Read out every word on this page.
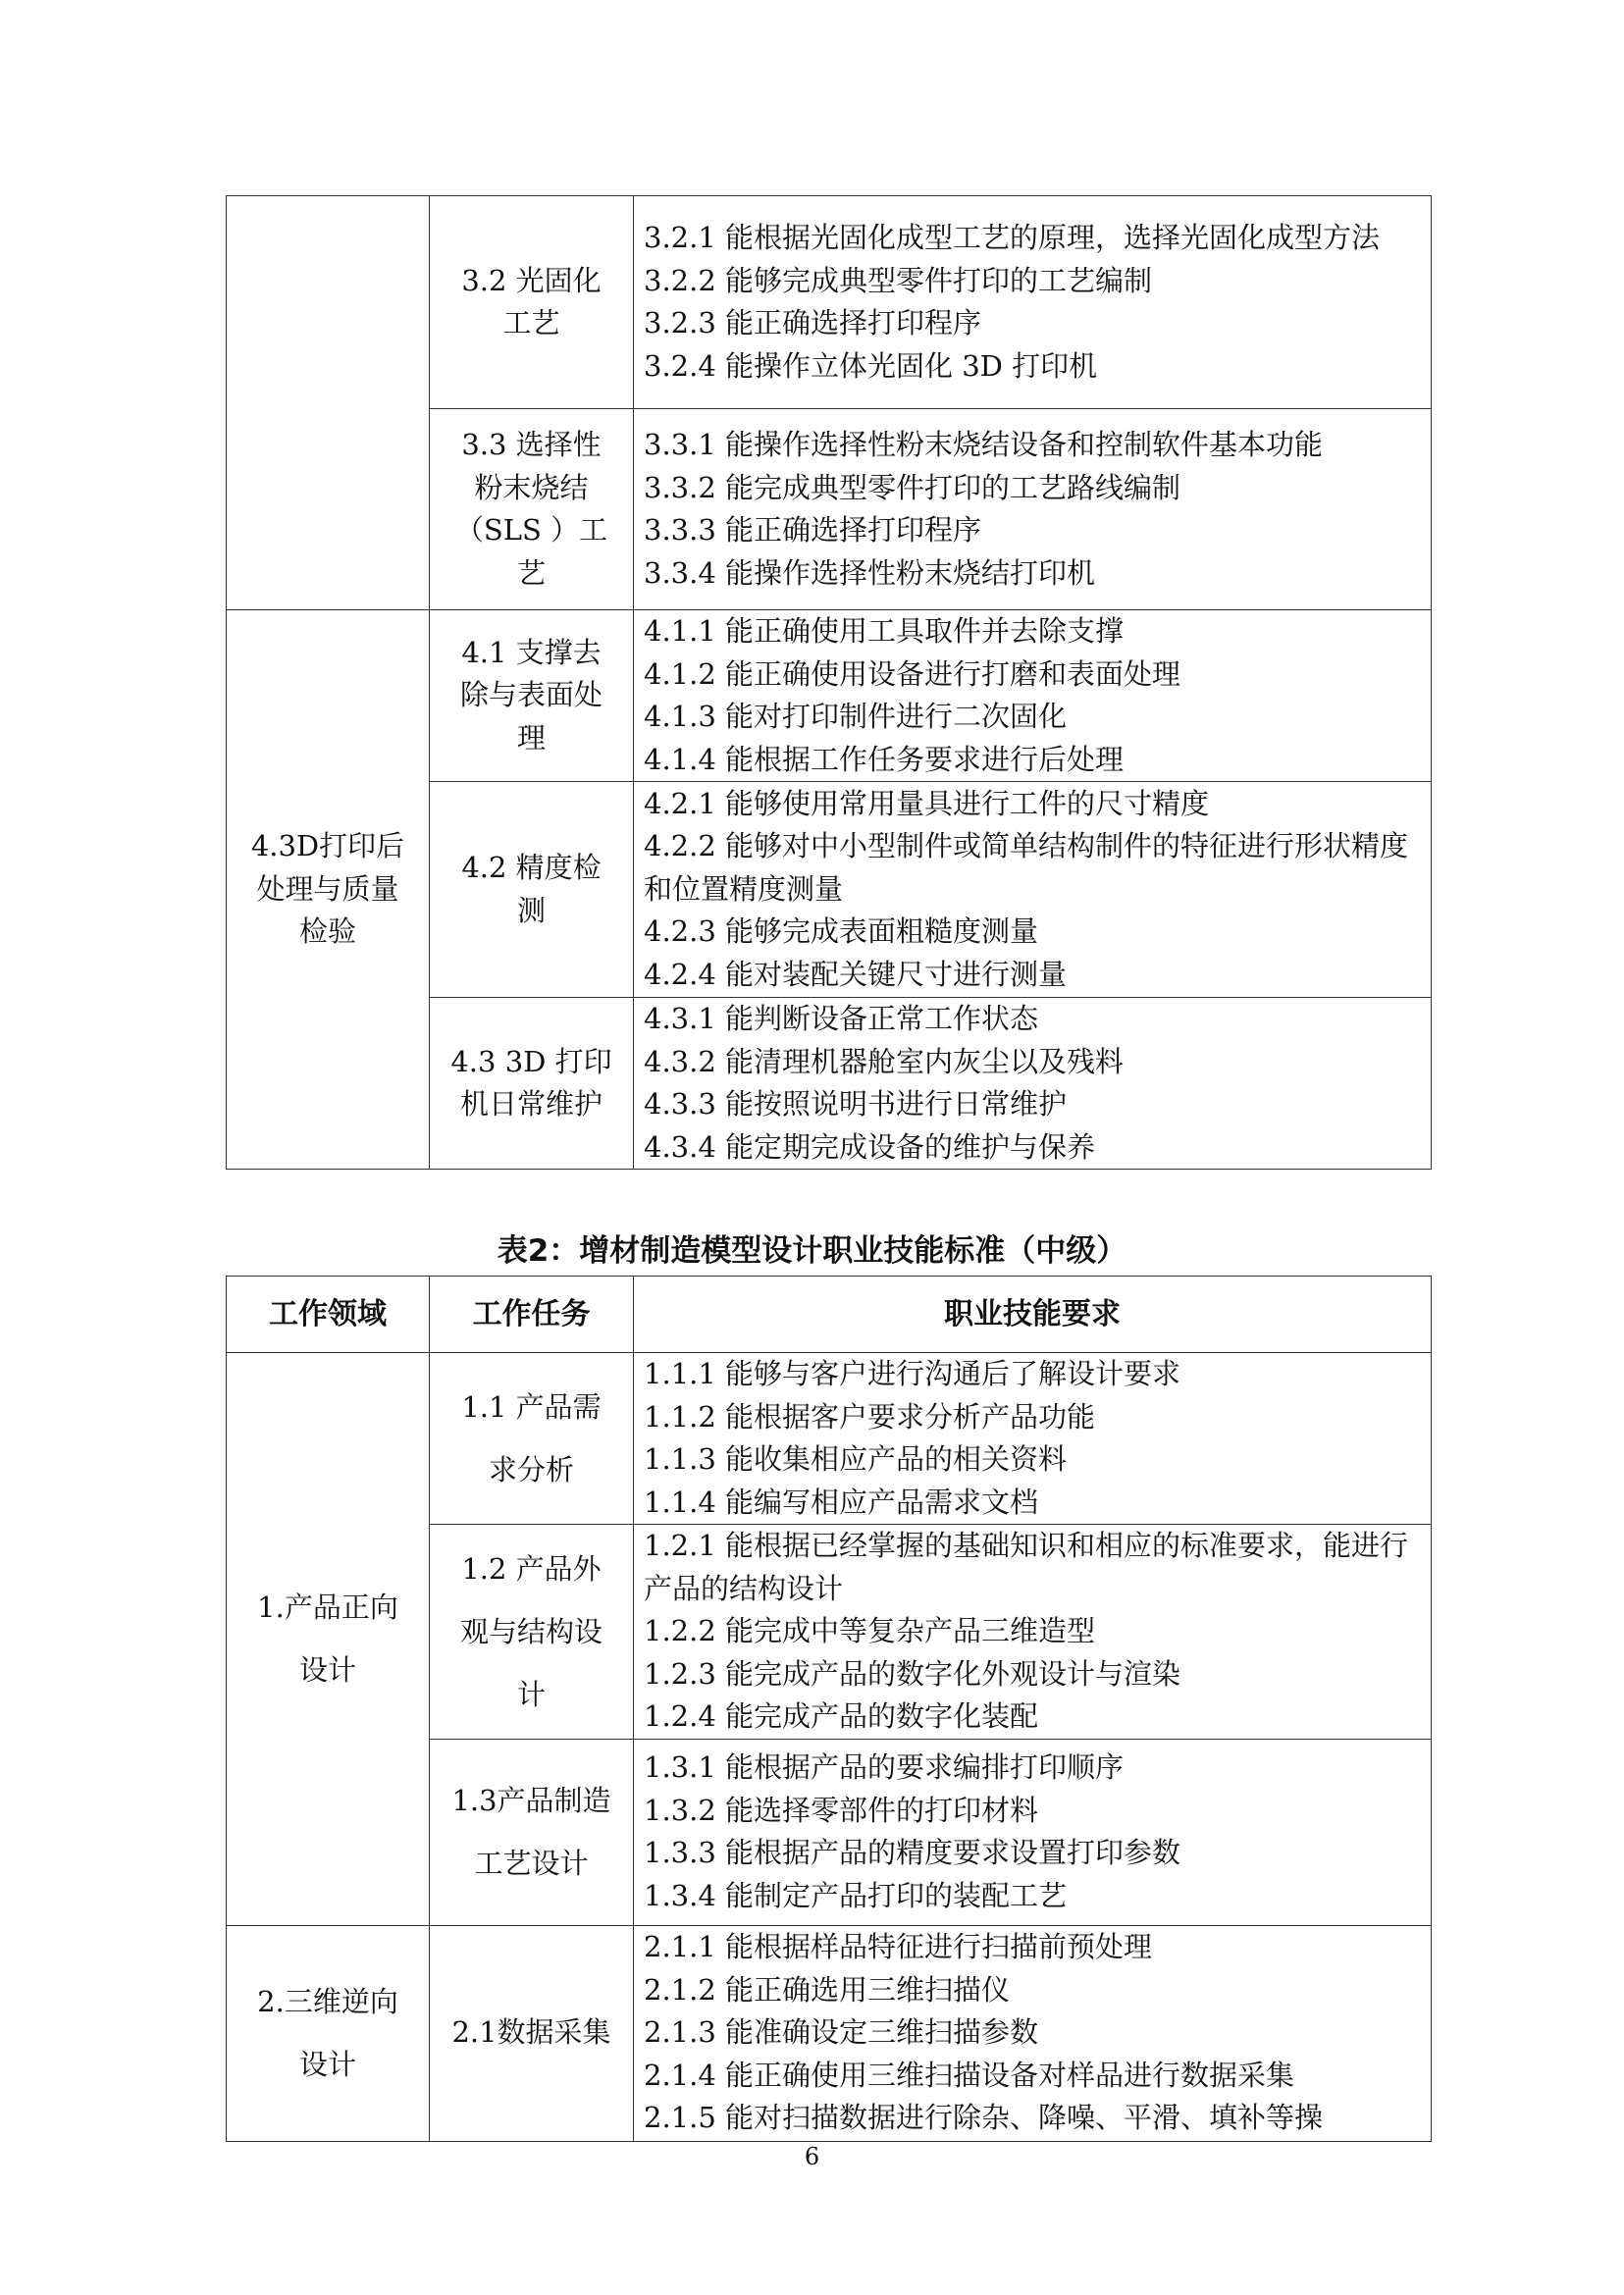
	3.2 光固化
工艺	3.2.1 能根据光固化成型工艺的原理，选择光固化成型方法
3.2.2 能够完成典型零件打印的工艺编制
3.2.3 能正确选择打印程序
3.2.4 能操作立体光固化 3D 打印机

	3.3 选择性
粉末烧结
（SLS ）工
艺	3.3.1 能操作选择性粉末烧结设备和控制软件基本功能
3.3.2 能完成典型零件打印的工艺路线编制
3.3.3 能正确选择打印程序
3.3.4 能操作选择性粉末烧结打印机

4.3D打印后
处理与质量
检验	4.1 支撑去
除与表面处
理	4.1.1 能正确使用工具取件并去除支撑
4.1.2 能正确使用设备进行打磨和表面处理
4.1.3 能对打印制件进行二次固化
4.1.4 能根据工作任务要求进行后处理

	4.2 精度检
测	4.2.1 能够使用常用量具进行工件的尺寸精度
4.2.2 能够对中小型制件或简单结构制件的特征进行形状精度和位置精度测量
4.2.3 能够完成表面粗糙度测量
4.2.4 能对装配关键尺寸进行测量

	4.3 3D 打印
机日常维护	4.3.1 能判断设备正常工作状态
4.3.2 能清理机器舱室内灰尘以及残料
4.3.3 能按照说明书进行日常维护
4.3.4 能定期完成设备的维护与保养
表2：增材制造模型设计职业技能标准（中级）
工作领域	工作任务	职业技能要求

1.产品正向
设计	1.1 产品需
求分析	1.1.1 能够与客户进行沟通后了解设计要求
1.1.2 能根据客户要求分析产品功能
1.1.3 能收集相应产品的相关资料
1.1.4 能编写相应产品需求文档

	1.2 产品外
观与结构设
计	1.2.1 能根据已经掌握的基础知识和相应的标准要求，能进行产品的结构设计
1.2.2 能完成中等复杂产品三维造型
1.2.3 能完成产品的数字化外观设计与渲染
1.2.4 能完成产品的数字化装配

	1.3产品制造
工艺设计	1.3.1 能根据产品的要求编排打印顺序
1.3.2 能选择零部件的打印材料
1.3.3 能根据产品的精度要求设置打印参数
1.3.4 能制定产品打印的装配工艺

2.三维逆向
设计	2.1数据采集	2.1.1 能根据样品特征进行扫描前预处理
2.1.2 能正确选用三维扫描仪
2.1.3 能准确设定三维扫描参数
2.1.4 能正确使用三维扫描设备对样品进行数据采集
2.1.5 能对扫描数据进行除杂、降噪、平滑、填补等操
6
